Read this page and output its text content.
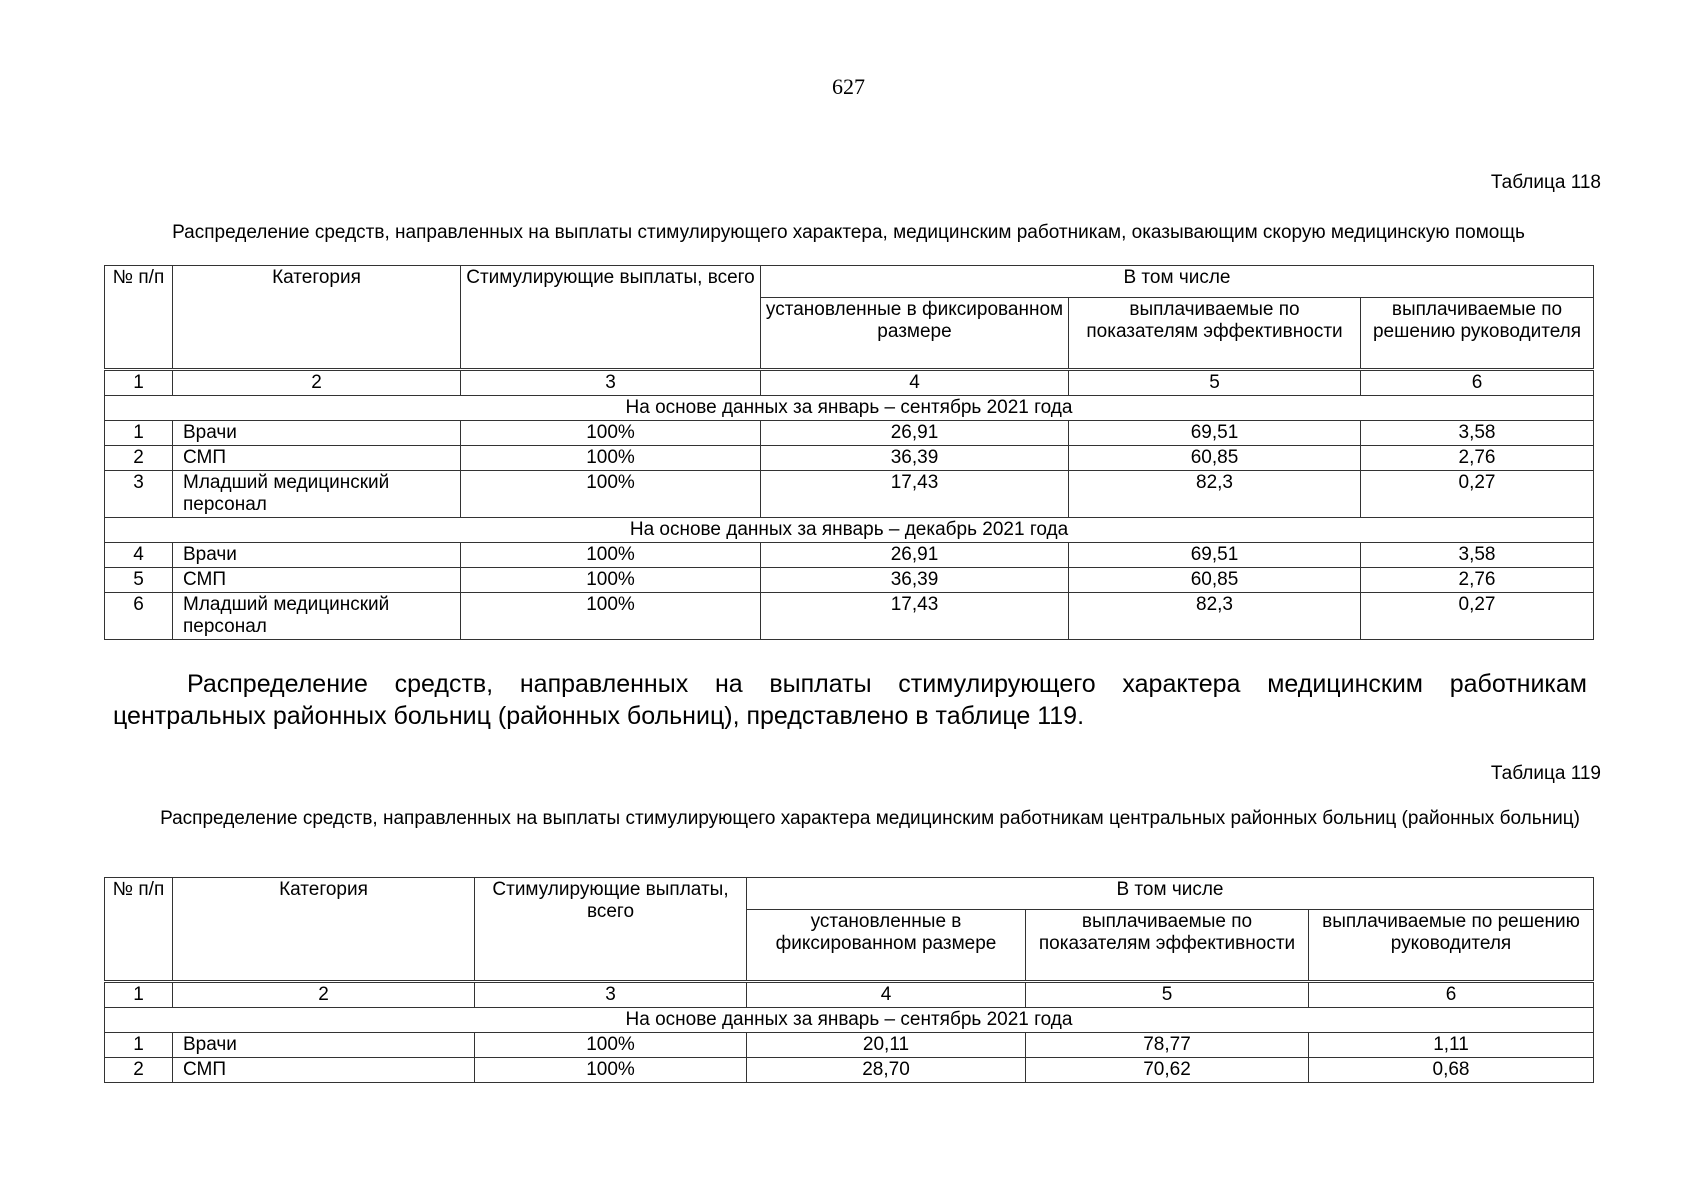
627
Таблица 118
Распределение средств, направленных на выплаты стимулирующего характера, медицинским работникам, оказывающим скорую медицинскую помощь
№ п/п	Категория	Стимулирующие выплаты, всего	В том числе		
			установленные в фиксированном размере	выплачиваемые по показателям эффективности	выплачиваемые по решению руководителя
1	2	3	4	5	6
На основе данных за январь – сентябрь 2021 года					
1	Врачи	100%	26,91	69,51	3,58
2	СМП	100%	36,39	60,85	2,76
3	Младший медицинский персонал	100%	17,43	82,3	0,27
На основе данных за январь – декабрь 2021 года					
4	Врачи	100%	26,91	69,51	3,58
5	СМП	100%	36,39	60,85	2,76
6	Младший медицинский персонал	100%	17,43	82,3	0,27
Распределение средств, направленных на выплаты стимулирующего характера медицинским работникам центральных районных больниц (районных больниц), представлено в таблице 119.
Таблица 119
Распределение средств, направленных на выплаты стимулирующего характера медицинским работникам центральных районных больниц (районных больниц)
№ п/п	Категория	Стимулирующие выплаты, всего	В том числе		
			установленные в фиксированном размере	выплачиваемые по показателям эффективности	выплачиваемые по решению руководителя
1	2	3	4	5	6
На основе данных за январь – сентябрь 2021 года					
1	Врачи	100%	20,11	78,77	1,11
2	СМП	100%	28,70	70,62	0,68
